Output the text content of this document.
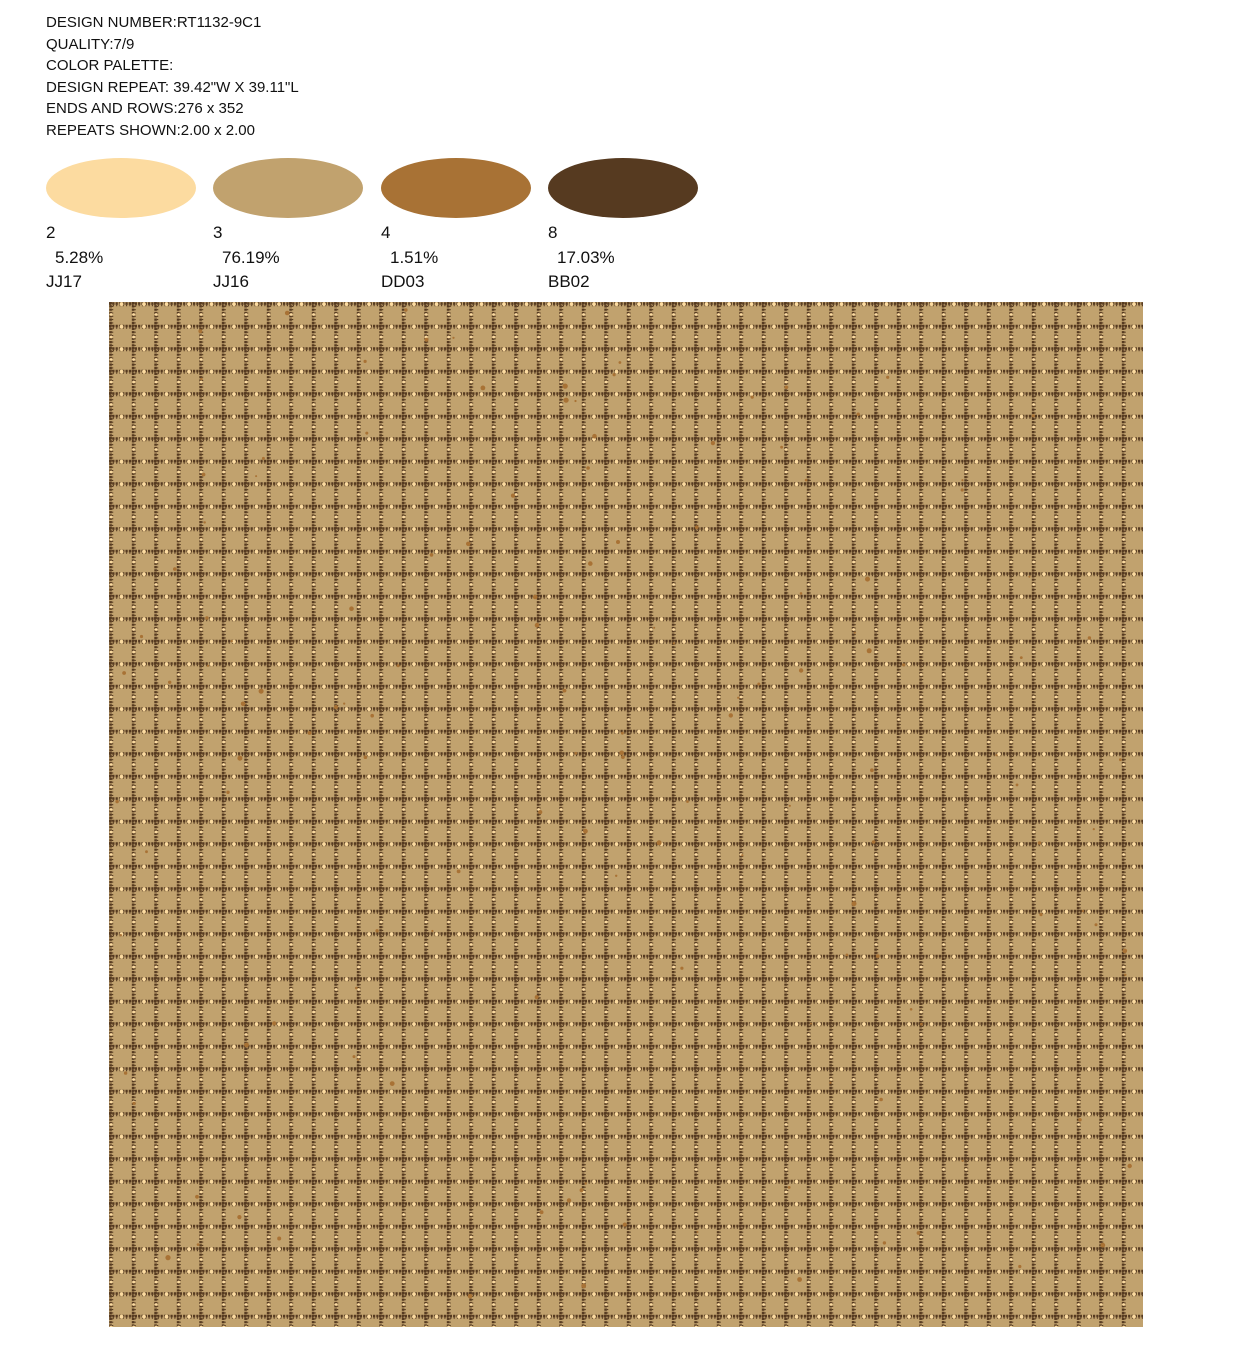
DESIGN NUMBER:RT1132-9C1
QUALITY:7/9
COLOR PALETTE:
DESIGN REPEAT: 39.42"W X 39.11"L
ENDS AND ROWS:276 x 352
REPEATS SHOWN:2.00 x 2.00
2
5.28%
JJ17
3
76.19%
JJ16
4
1.51%
DD03
8
17.03%
BB02
